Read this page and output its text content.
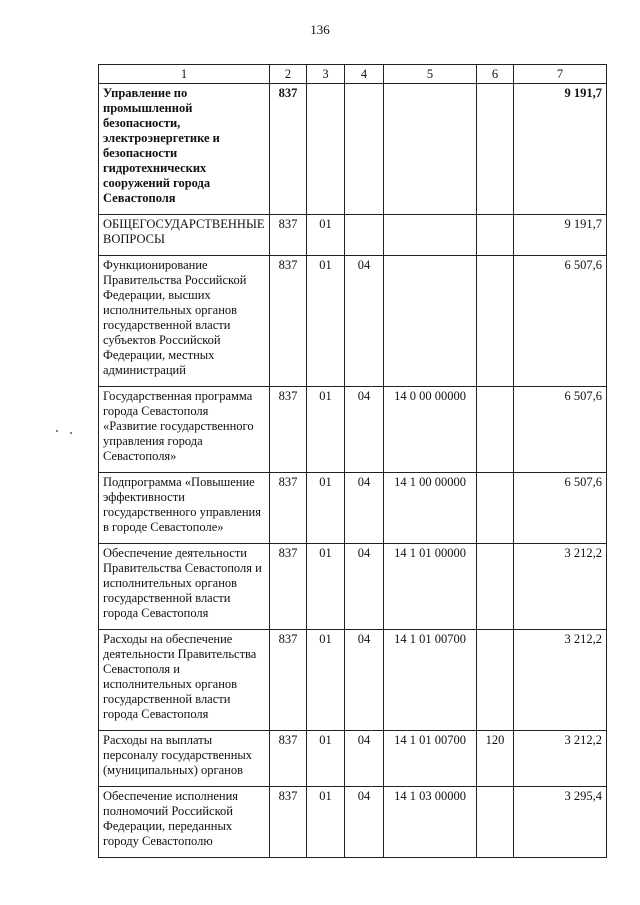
136
1	2	3	4	5	6	7
Управление по промышленной безопасности, электроэнергетике и безопасности гидротехнических сооружений города Севастополя	837					9 191,7
ОБЩЕГОСУДАРСТВЕННЫЕ ВОПРОСЫ	837	01				9 191,7
Функционирование Правительства Российской Федерации, высших исполнительных органов государственной власти субъектов Российской Федерации, местных администраций	837	01	04			6 507,6
Государственная программа города Севастополя «Развитие государственного управления города Севастополя»	837	01	04	14 0 00 00000		6 507,6
Подпрограмма «Повышение эффективности государственного управления в городе Севастополе»	837	01	04	14 1 00 00000		6 507,6
Обеспечение деятельности Правительства Севастополя и исполнительных органов государственной власти города Севастополя	837	01	04	14 1 01 00000		3 212,2
Расходы на обеспечение деятельности Правительства Севастополя и исполнительных органов государственной власти города Севастополя	837	01	04	14 1 01 00700		3 212,2
Расходы на выплаты персоналу государственных (муниципальных) органов	837	01	04	14 1 01 00700	120	3 212,2
Обеспечение исполнения полномочий Российской Федерации, переданных городу Севастополю	837	01	04	14 1 03 00000		3 295,4
